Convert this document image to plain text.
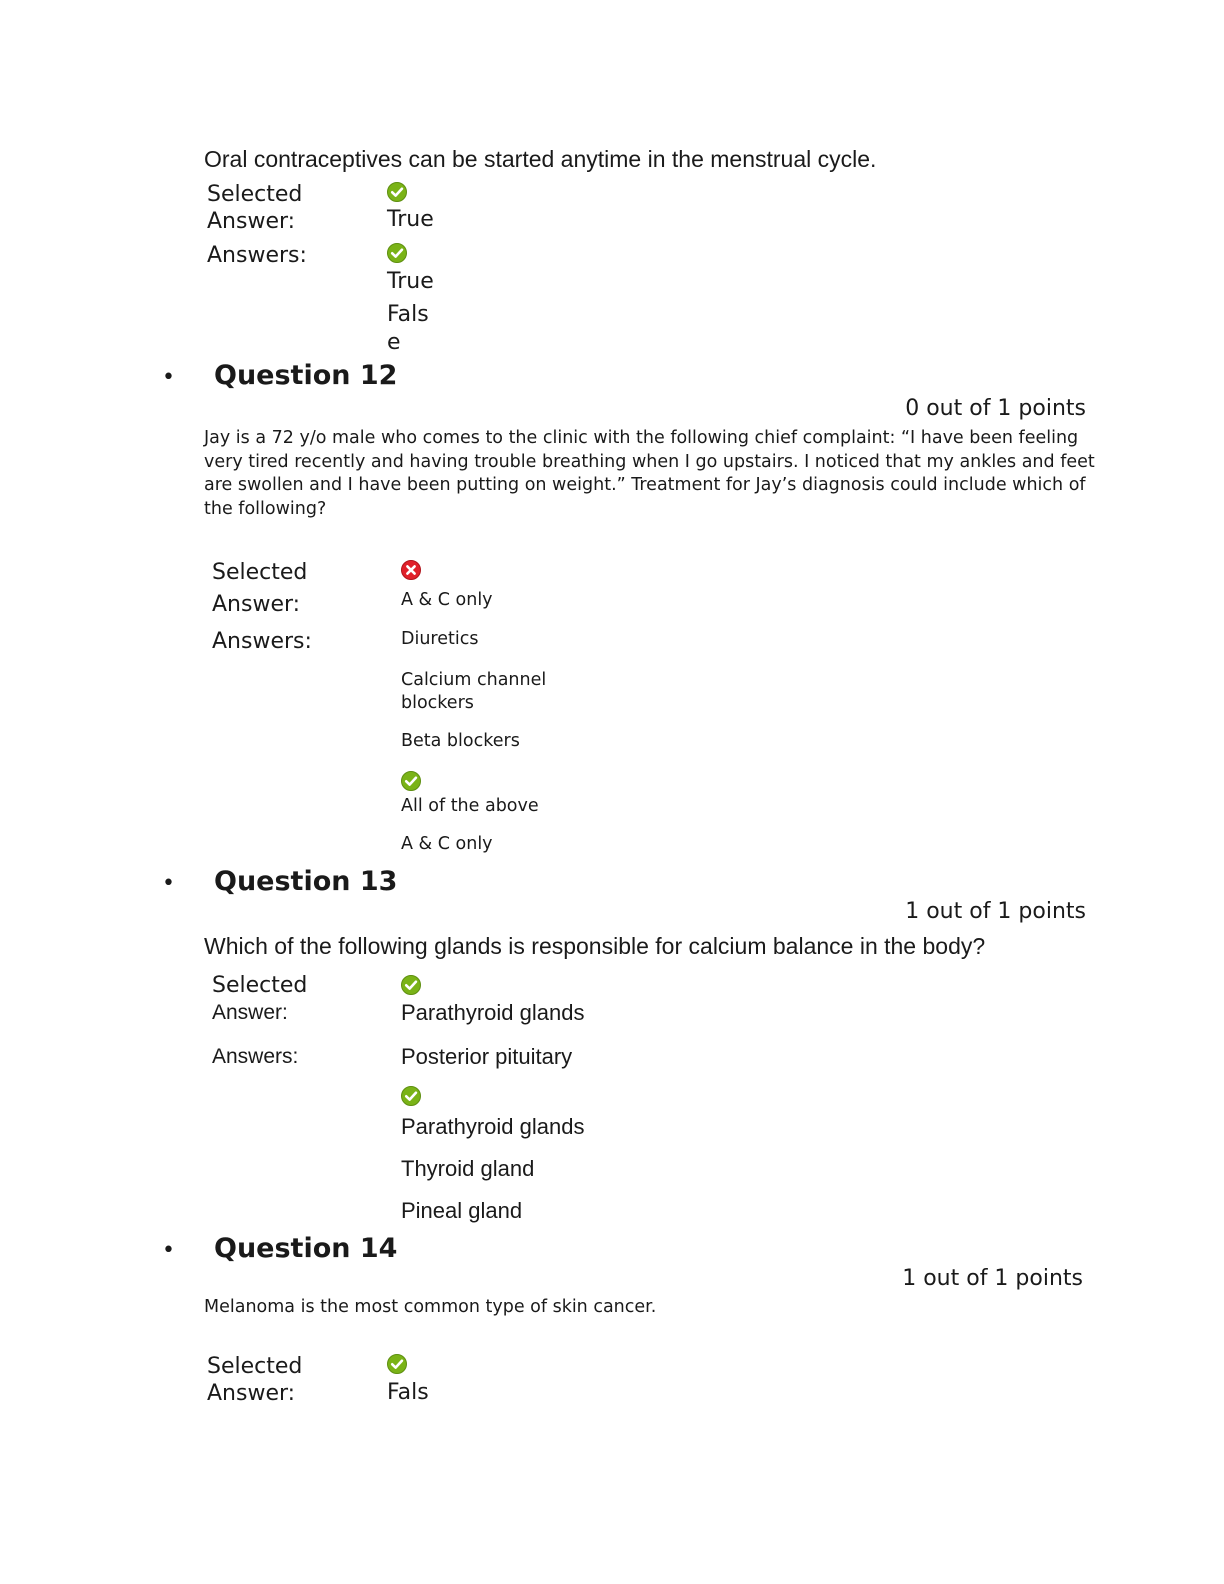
Oral contraceptives can be started anytime in the menstrual cycle.
Selected
Answer:	True
Answers:
True
Fals
e
• Question 12
0 out of 1 points
Jay is a 72 y/o male who comes to the clinic with the following chief complaint: “I have been feeling very tired recently and having trouble breathing when I go upstairs. I noticed that my ankles and feet are swollen and I have been putting on weight.” Treatment for Jay’s diagnosis could include which of the following?
Selected
Answer:	A & C only
Answers:	Diuretics
Calcium channel
blockers
Beta blockers
All of the above
A & C only
• Question 13
1 out of 1 points
Which of the following glands is responsible for calcium balance in the body?
Selected
Answer:	Parathyroid glands
Answers:	Posterior pituitary
Parathyroid glands
Thyroid gland
Pineal gland
• Question 14
1 out of 1 points
Melanoma is the most common type of skin cancer.
Selected
Answer:	Fals
